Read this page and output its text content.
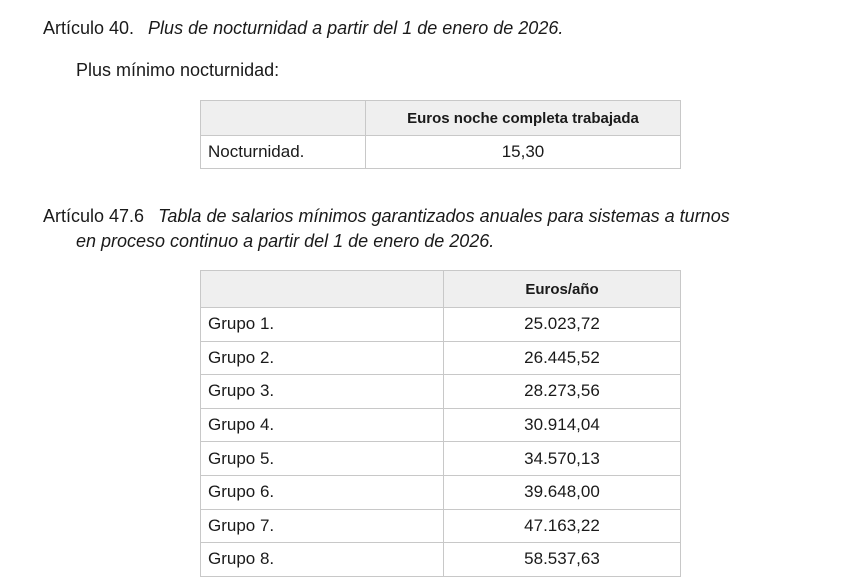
Artículo 40. Plus de nocturnidad a partir del 1 de enero de 2026.
Plus mínimo nocturnidad:
	Euros noche completa trabajada
Nocturnidad.	15,30
Artículo 47.6 Tabla de salarios mínimos garantizados anuales para sistemas a turnos
en proceso continuo a partir del 1 de enero de 2026.
	Euros/año
Grupo 1.	25.023,72
Grupo 2.	26.445,52
Grupo 3.	28.273,56
Grupo 4.	30.914,04
Grupo 5.	34.570,13
Grupo 6.	39.648,00
Grupo 7.	47.163,22
Grupo 8.	58.537,63
